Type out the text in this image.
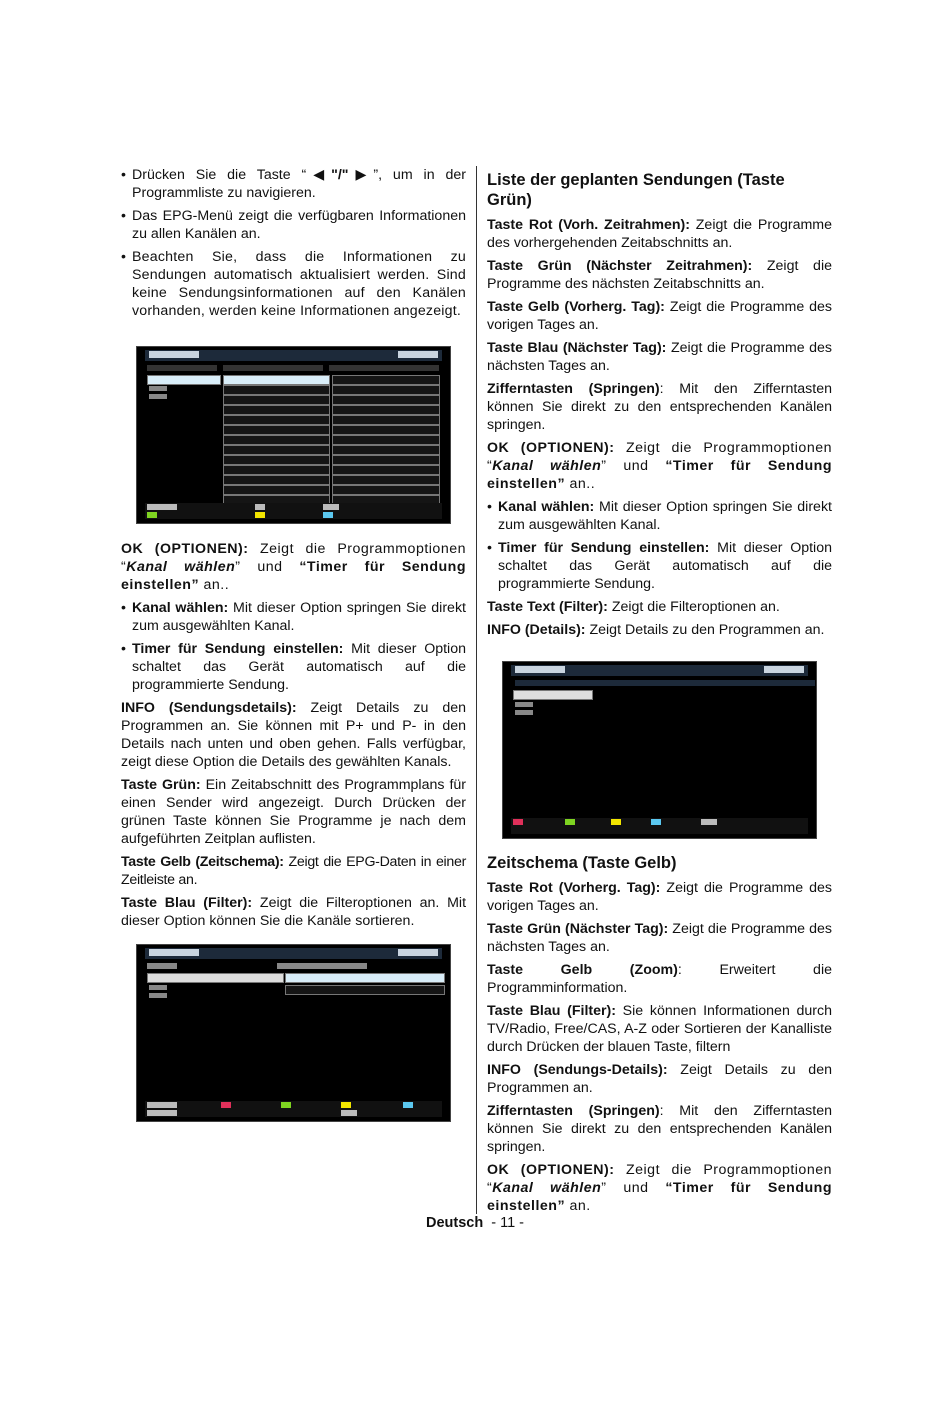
• Drücken Sie die Taste “◀"/"▶”, um in der Programmliste zu navigieren.

• Das EPG-Menü zeigt die verfügbaren Informationen zu allen Kanälen an.

• Beachten Sie, dass die Informationen zu Sendungen automatisch aktualisiert werden. Sind keine Sendungsinformationen auf den Kanälen vorhanden, werden keine Informationen angezeigt.

OK (OPTIONEN): Zeigt die Programmoptionen “Kanal wählen” und “Timer für Sendung einstellen” an..

• Kanal wählen: Mit dieser Option springen Sie direkt zum ausgewählten Kanal.

• Timer für Sendung einstellen: Mit dieser Option schaltet das Gerät automatisch auf die programmierte Sendung.

INFO (Sendungsdetails): Zeigt Details zu den Programmen an. Sie können mit P+ und P- in den Details nach unten und oben gehen. Falls verfügbar, zeigt diese Option die Details des gewählten Kanals.

Taste Grün: Ein Zeitabschnitt des Programmplans für einen Sender wird angezeigt. Durch Drücken der grünen Taste können Sie Programme je nach dem aufgeführten Zeitplan auflisten.

Taste Gelb (Zeitschema): Zeigt die EPG-Daten in einer Zeitleiste an.

Taste Blau (Filter): Zeigt die Filteroptionen an. Mit dieser Option können Sie die Kanäle sortieren.

Liste der geplanten Sendungen (Taste Grün)

Taste Rot (Vorh. Zeitrahmen): Zeigt die Programme des vorhergehenden Zeitabschnitts an.

Taste Grün (Nächster Zeitrahmen): Zeigt die Programme des nächsten Zeitabschnitts an.

Taste Gelb (Vorherg. Tag): Zeigt die Programme des vorigen Tages an.

Taste Blau (Nächster Tag): Zeigt die Programme des nächsten Tages an.

Zifferntasten (Springen): Mit den Zifferntasten können Sie direkt zu den entsprechenden Kanälen springen.

OK (OPTIONEN): Zeigt die Programmoptionen “Kanal wählen” und “Timer für Sendung einstellen” an..

• Kanal wählen: Mit dieser Option springen Sie direkt zum ausgewählten Kanal.

• Timer für Sendung einstellen: Mit dieser Option schaltet das Gerät automatisch auf die programmierte Sendung.

Taste Text (Filter): Zeigt die Filteroptionen an.

INFO (Details): Zeigt Details zu den Programmen an.

Zeitschema (Taste Gelb)

Taste Rot (Vorherg. Tag): Zeigt die Programme des vorigen Tages an.

Taste Grün (Nächster Tag): Zeigt die Programme des nächsten Tages an.

Taste Gelb (Zoom): Erweitert die Programminformation.

Taste Blau (Filter): Sie können Informationen durch TV/Radio, Free/CAS, A-Z oder Sortieren der Kanalliste durch Drücken der blauen Taste, filtern

INFO (Sendungs-Details): Zeigt Details zu den Programmen an.

Zifferntasten (Springen): Mit den Zifferntasten können Sie direkt zu den entsprechenden Kanälen springen.

OK (OPTIONEN): Zeigt die Programmoptionen “Kanal wählen” und “Timer für Sendung einstellen” an.

Deutsch - 11 -
